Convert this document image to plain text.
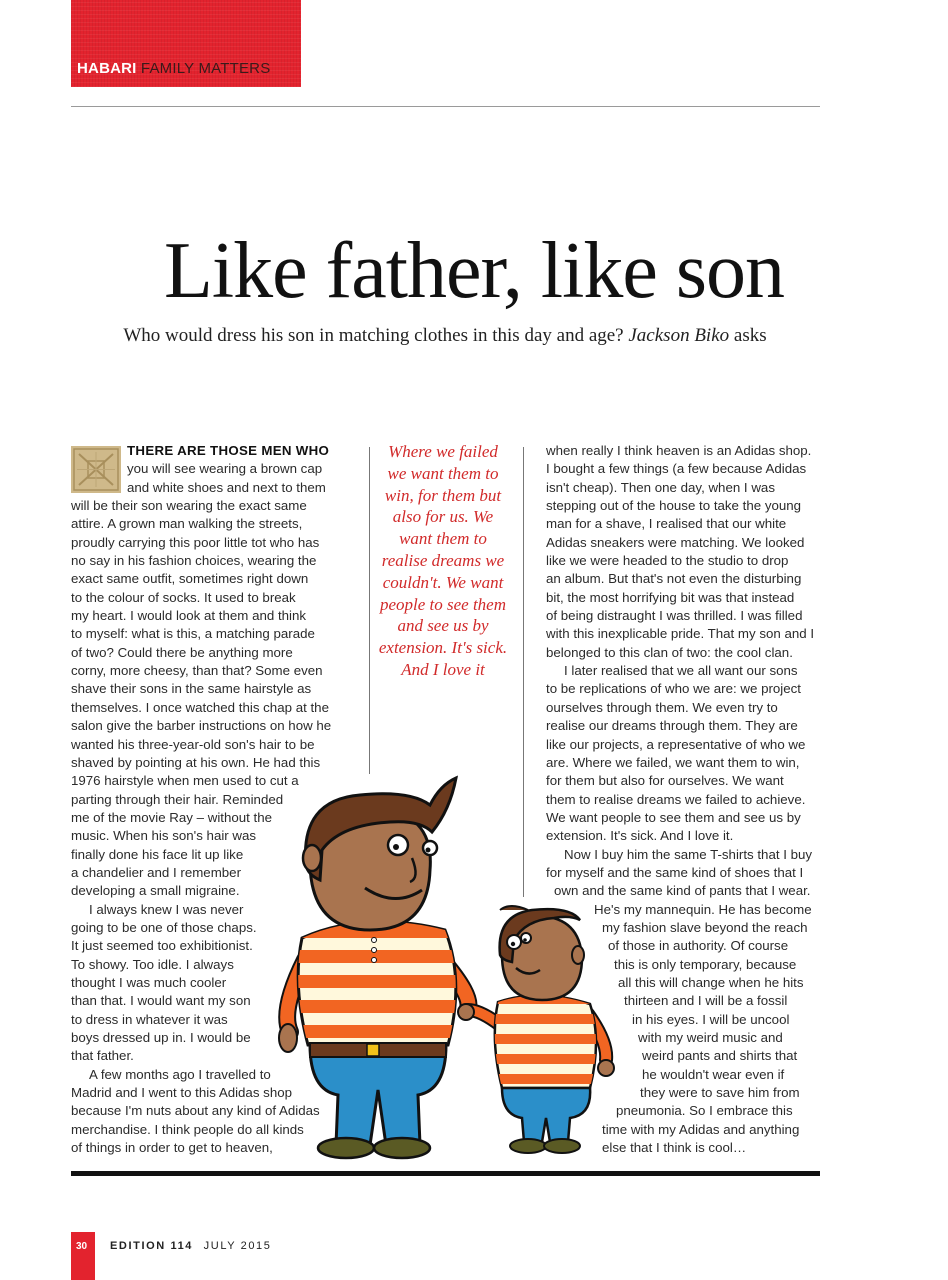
HABARI FAMILY MATTERS
Like father, like son
Who would dress his son in matching clothes in this day and age? Jackson Biko asks
THERE ARE THOSE MEN WHO
you will see wearing a brown cap
and white shoes and next to them
will be their son wearing the exact same
attire. A grown man walking the streets,
proudly carrying this poor little tot who has
no say in his fashion choices, wearing the
exact same outfit, sometimes right down
to the colour of socks. It used to break
my heart. I would look at them and think
to myself: what is this, a matching parade
of two? Could there be anything more
corny, more cheesy, than that? Some even
shave their sons in the same hairstyle as
themselves. I once watched this chap at the
salon give the barber instructions on how he
wanted his three-year-old son's hair to be
shaved by pointing at his own. He had this
1976 hairstyle when men used to cut a
parting through their hair. Reminded
me of the movie Ray – without the
music. When his son's hair was
finally done his face lit up like
a chandelier and I remember
developing a small migraine.
I always knew I was never
going to be one of those chaps.
It just seemed too exhibitionist.
To showy. Too idle. I always
thought I was much cooler
than that. I would want my son
to dress in whatever it was
boys dressed up in. I would be
that father.
A few months ago I travelled to
Madrid and I went to this Adidas shop
because I'm nuts about any kind of Adidas
merchandise. I think people do all kinds
of things in order to get to heaven,
Where we failed
we want them to
win, for them but
also for us. We
want them to
realise dreams we
couldn't. We want
people to see them
and see us by
extension. It's sick.
And I love it
when really I think heaven is an Adidas shop.
I bought a few things (a few because Adidas
isn't cheap). Then one day, when I was
stepping out of the house to take the young
man for a shave, I realised that our white
Adidas sneakers were matching. We looked
like we were headed to the studio to drop
an album. But that's not even the disturbing
bit, the most horrifying bit was that instead
of being distraught I was thrilled. I was filled
with this inexplicable pride. That my son and I
belonged to this clan of two: the cool clan.
I later realised that we all want our sons
to be replications of who we are: we project
ourselves through them. We even try to
realise our dreams through them. They are
like our projects, a representative of who we
are. Where we failed, we want them to win,
for them but also for ourselves. We want
them to realise dreams we failed to achieve.
We want people to see them and see us by
extension. It's sick. And I love it.
Now I buy him the same T-shirts that I buy
for myself and the same kind of shoes that I
own and the same kind of pants that I wear.
He's my mannequin. He has become
my fashion slave beyond the reach
of those in authority. Of course
this is only temporary, because
all this will change when he hits
thirteen and I will be a fossil
in his eyes. I will be uncool
with my weird music and
weird pants and shirts that
he wouldn't wear even if
they were to save him from
pneumonia. So I embrace this
time with my Adidas and anything
else that I think is cool…
30 EDITION 114 JULY 2015
